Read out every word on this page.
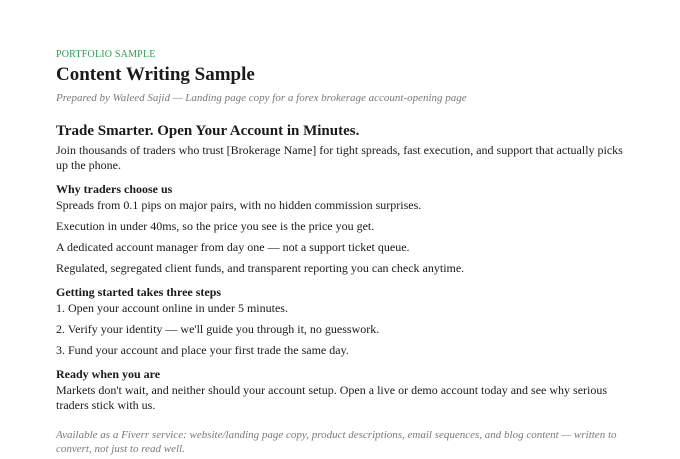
PORTFOLIO SAMPLE

Content Writing Sample

Prepared by Waleed Sajid — Landing page copy for a forex brokerage account-opening page

Trade Smarter. Open Your Account in Minutes.

Join thousands of traders who trust [Brokerage Name] for tight spreads, fast execution, and support that actually picks up the phone.

Why traders choose us
Spreads from 0.1 pips on major pairs, with no hidden commission surprises.
Execution in under 40ms, so the price you see is the price you get.
A dedicated account manager from day one — not a support ticket queue.
Regulated, segregated client funds, and transparent reporting you can check anytime.
Getting started takes three steps
1. Open your account online in under 5 minutes.
2. Verify your identity — we'll guide you through it, no guesswork.
3. Fund your account and place your first trade the same day.
Ready when you are

Markets don't wait, and neither should your account setup. Open a live or demo account today and see why serious traders stick with us.

Available as a Fiverr service: website/landing page copy, product descriptions, email sequences, and blog content — written to convert, not just to read well.
